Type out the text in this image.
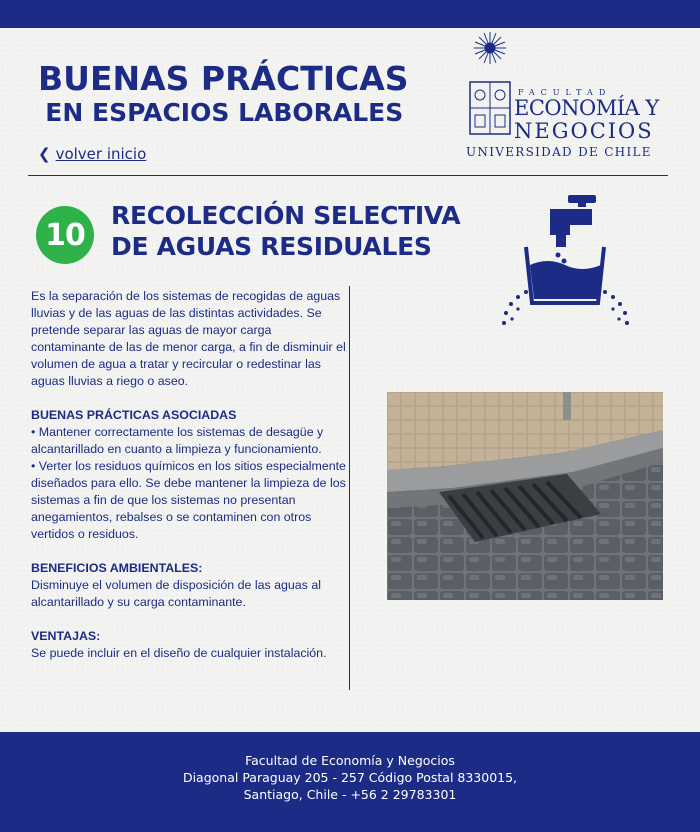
BUENAS PRÁCTICAS
EN ESPACIOS LABORALES
❮ volver inicio
FACULTAD
ECONOMÍA Y
NEGOCIOS
UNIVERSIDAD DE CHILE
10
RECOLECCIÓN SELECTIVA
DE AGUAS RESIDUALES

Es la separación de los sistemas de recogidas de aguas lluvias y de las aguas de las distintas actividades. Se pretende separar las aguas de mayor carga contaminante de las de menor carga, a fin de disminuir el volumen de agua a tratar y recircular o redestinar las aguas lluvias a riego o aseo.

BUENAS PRÁCTICAS ASOCIADAS

• Mantener correctamente los sistemas de desagüe y alcantarillado en cuanto a limpieza y funcionamiento.

• Verter los residuos químicos en los sitios especialmente diseñados para ello. Se debe mantener la limpieza de los sistemas a fin de que los sistemas no presentan anegamientos, rebalses o se contaminen con otros vertidos o residuos.

BENEFICIOS AMBIENTALES:

Disminuye el volumen de disposición de las aguas al alcantarillado y su carga contaminante.

VENTAJAS:

Se puede incluir en el diseño de cualquier instalación.

Facultad de Economía y Negocios
Diagonal Paraguay 205 - 257 Código Postal 8330015,
Santiago, Chile - +56 2 29783301
